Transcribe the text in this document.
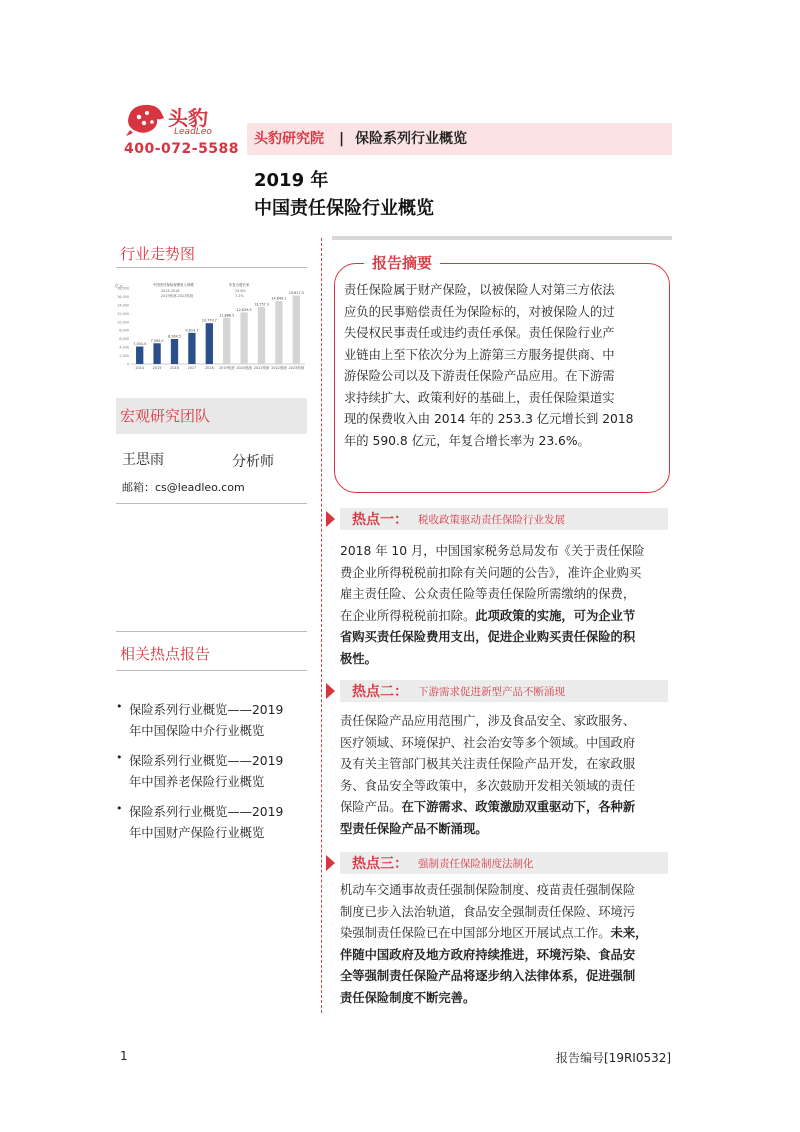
头豹
LeadLeo
400-072-5588
头豹研究院 | 保险系列行业概览
2019 年
中国责任保险行业概览
行业走势图
亿元
0
2,000
4,000
6,000
8,000
10,000
12,000
14,000
16,000
18,000
中国责任保险保费收入规模	年复合增长率
2014-2018	23.6%
2019预测-2023预测	7.1%
7,003.4
2014
7,995.0
2015
8,264.5
2016
9,614.7
2017
10,770.7
2018
11,888.5
2019预测
12,829.5
2020预测
13,757.3
2021预测
14,649.1
2022预测
15,617.3
2023预测
宏观研究团队
王思雨	分析师
邮箱：cs@leadleo.com
相关热点报告
• 保险系列行业概览——2019
年中国保险中介行业概览
• 保险系列行业概览——2019
年中国养老保险行业概览
• 保险系列行业概览——2019
年中国财产保险行业概览
报告摘要
责任保险属于财产保险，以被保险人对第三方依法
应负的民事赔偿责任为保险标的，对被保险人的过
失侵权民事责任或违约责任承保。责任保险行业产
业链由上至下依次分为上游第三方服务提供商、中
游保险公司以及下游责任保险产品应用。在下游需
求持续扩大、政策利好的基础上，责任保险渠道实
现的保费收入由 2014 年的 253.3 亿元增长到 2018
年的 590.8 亿元，年复合增长率为 23.6%。
热点一： 税收政策驱动责任保险行业发展
2018 年 10 月，中国国家税务总局发布《关于责任保险
费企业所得税税前扣除有关问题的公告》，准许企业购买
雇主责任险、公众责任险等责任保险所需缴纳的保费，
在企业所得税税前扣除。此项政策的实施，可为企业节
省购买责任保险费用支出，促进企业购买责任保险的积
极性。
热点二： 下游需求促进新型产品不断涌现
责任保险产品应用范围广，涉及食品安全、家政服务、
医疗领域、环境保护、社会治安等多个领域。中国政府
及有关主管部门极其关注责任保险产品开发，在家政服
务、食品安全等政策中，多次鼓励开发相关领域的责任
保险产品。在下游需求、政策激励双重驱动下，各种新
型责任保险产品不断涌现。
热点三： 强制责任保险制度法制化
机动车交通事故责任强制保险制度、疫苗责任强制保险
制度已步入法治轨道，食品安全强制责任保险、环境污
染强制责任保险已在中国部分地区开展试点工作。未来，
伴随中国政府及地方政府持续推进，环境污染、食品安
全等强制责任保险产品将逐步纳入法律体系，促进强制
责任保险制度不断完善。
1	报告编号[19RI0532]
